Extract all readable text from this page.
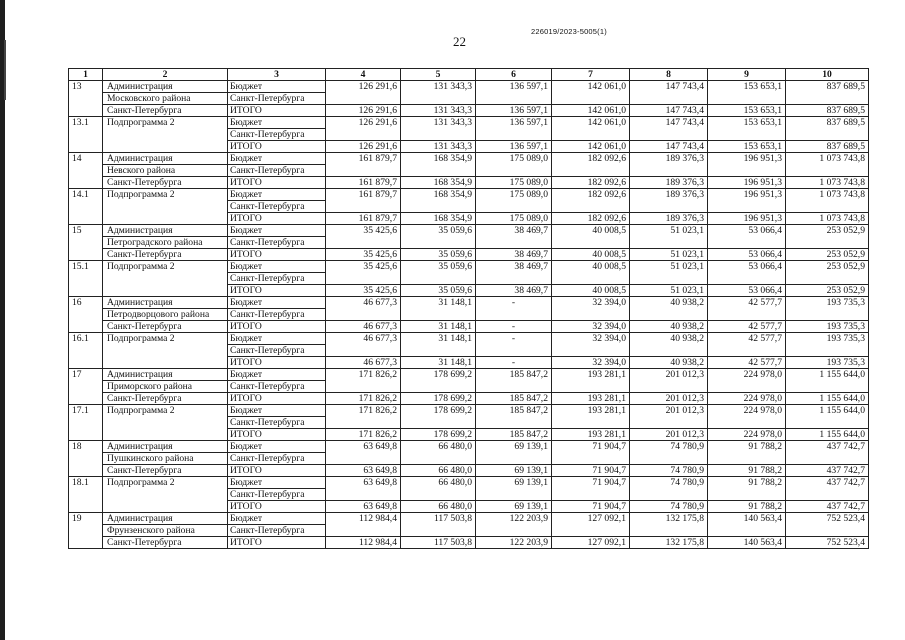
226019/2023-5005(1)
22
1	2	3	4	5	6	7	8	9	10
13	Администрация	Бюджет	126 291,6	131 343,3	136 597,1	142 061,0	147 743,4	153 653,1	837 689,5
	Московского района	Санкт-Петербурга							
	Санкт-Петербурга	ИТОГО	126 291,6	131 343,3	136 597,1	142 061,0	147 743,4	153 653,1	837 689,5
13.1	Подпрограмма 2	Бюджет	126 291,6	131 343,3	136 597,1	142 061,0	147 743,4	153 653,1	837 689,5
		Санкт-Петербурга							
		ИТОГО	126 291,6	131 343,3	136 597,1	142 061,0	147 743,4	153 653,1	837 689,5
14	Администрация	Бюджет	161 879,7	168 354,9	175 089,0	182 092,6	189 376,3	196 951,3	1 073 743,8
	Невского района	Санкт-Петербурга							
	Санкт-Петербурга	ИТОГО	161 879,7	168 354,9	175 089,0	182 092,6	189 376,3	196 951,3	1 073 743,8
14.1	Подпрограмма 2	Бюджет	161 879,7	168 354,9	175 089,0	182 092,6	189 376,3	196 951,3	1 073 743,8
		Санкт-Петербурга							
		ИТОГО	161 879,7	168 354,9	175 089,0	182 092,6	189 376,3	196 951,3	1 073 743,8
15	Администрация	Бюджет	35 425,6	35 059,6	38 469,7	40 008,5	51 023,1	53 066,4	253 052,9
	Петроградского района	Санкт-Петербурга							
	Санкт-Петербурга	ИТОГО	35 425,6	35 059,6	38 469,7	40 008,5	51 023,1	53 066,4	253 052,9
15.1	Подпрограмма 2	Бюджет	35 425,6	35 059,6	38 469,7	40 008,5	51 023,1	53 066,4	253 052,9
		Санкт-Петербурга							
		ИТОГО	35 425,6	35 059,6	38 469,7	40 008,5	51 023,1	53 066,4	253 052,9
16	Администрация	Бюджет	46 677,3	31 148,1	-	32 394,0	40 938,2	42 577,7	193 735,3
	Петродворцового района	Санкт-Петербурга							
	Санкт-Петербурга	ИТОГО	46 677,3	31 148,1	-	32 394,0	40 938,2	42 577,7	193 735,3
16.1	Подпрограмма 2	Бюджет	46 677,3	31 148,1	-	32 394,0	40 938,2	42 577,7	193 735,3
		Санкт-Петербурга							
		ИТОГО	46 677,3	31 148,1	-	32 394,0	40 938,2	42 577,7	193 735,3
17	Администрация	Бюджет	171 826,2	178 699,2	185 847,2	193 281,1	201 012,3	224 978,0	1 155 644,0
	Приморского района	Санкт-Петербурга							
	Санкт-Петербурга	ИТОГО	171 826,2	178 699,2	185 847,2	193 281,1	201 012,3	224 978,0	1 155 644,0
17.1	Подпрограмма 2	Бюджет	171 826,2	178 699,2	185 847,2	193 281,1	201 012,3	224 978,0	1 155 644,0
		Санкт-Петербурга							
		ИТОГО	171 826,2	178 699,2	185 847,2	193 281,1	201 012,3	224 978,0	1 155 644,0
18	Администрация	Бюджет	63 649,8	66 480,0	69 139,1	71 904,7	74 780,9	91 788,2	437 742,7
	Пушкинского района	Санкт-Петербурга							
	Санкт-Петербурга	ИТОГО	63 649,8	66 480,0	69 139,1	71 904,7	74 780,9	91 788,2	437 742,7
18.1	Подпрограмма 2	Бюджет	63 649,8	66 480,0	69 139,1	71 904,7	74 780,9	91 788,2	437 742,7
		Санкт-Петербурга							
		ИТОГО	63 649,8	66 480,0	69 139,1	71 904,7	74 780,9	91 788,2	437 742,7
19	Администрация	Бюджет	112 984,4	117 503,8	122 203,9	127 092,1	132 175,8	140 563,4	752 523,4
	Фрунзенского района	Санкт-Петербурга							
	Санкт-Петербурга	ИТОГО	112 984,4	117 503,8	122 203,9	127 092,1	132 175,8	140 563,4	752 523,4
